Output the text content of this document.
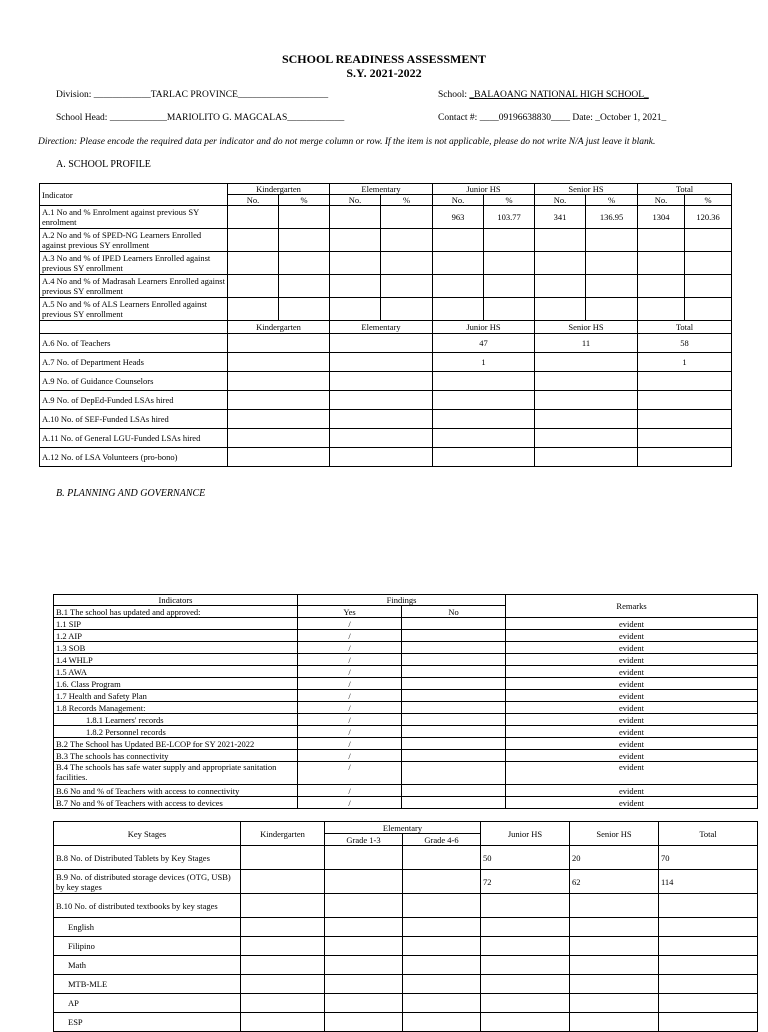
SCHOOL READINESS ASSESSMENT
S.Y. 2021-2022
Division: ____________TARLAC PROVINCE___________________	School: _BALAOANG NATIONAL HIGH SCHOOL_
School Head: ____________MARIOLITO G. MAGCALAS____________	Contact #: ____09196638830____ Date: _October 1, 2021_
Direction: Please encode the required data per indicator and do not merge column or row. If the item is not applicable, please do not write N/A just leave it blank.
A. SCHOOL PROFILE
Indicator	Kindergarten		Elementary		Junior HS		Senior HS		Total	
	No.	%	No.	%	No.	%	No.	%	No.	%
A.1 No and % Enrolment against previous SY enrolment					963	103.77	341	136.95	1304	120.36
A.2 No and % of SPED-NG Learners Enrolled against previous SY enrollment										
A.3 No and % of IPED Learners Enrolled against previous SY enrollment										
A.4 No and % of Madrasah Learners Enrolled against previous SY enrollment										
A.5 No and % of ALS Learners Enrolled against previous SY enrollment										
	Kindergarten		Elementary		Junior HS		Senior HS		Total	
A.6 No. of Teachers					47		11		58	
A.7 No. of Department Heads					1				1	
A.9 No. of Guidance Counselors										
A.9 No. of DepEd-Funded LSAs hired										
A.10 No. of SEF-Funded LSAs hired										
A.11 No. of General LGU-Funded LSAs hired										
A.12 No. of LSA Volunteers (pro-bono)										
B. PLANNING AND GOVERNANCE
Indicators	Findings		Remarks
B.1 The school has updated and approved:	Yes	No	
1.1 SIP	/		evident
1.2 AIP	/		evident
1.3 SOB	/		evident
1.4 WHLP	/		evident
1.5 AWA	/		evident
1.6. Class Program	/		evident
1.7 Health and Safety Plan	/		evident
1.8 Records Management:	/		evident
1.8.1 Learners' records	/		evident
1.8.2 Personnel records	/		evident
B.2 The School has Updated BE-LCOP for SY 2021-2022	/		evident
B.3 The schools has connectivity	/		evident
B.4 The schools has safe water supply and appropriate sanitation facilities.	/		evident
B.6 No and % of Teachers with access to connectivity	/		evident
B.7 No and % of Teachers with access to devices	/		evident
Key Stages	Kindergarten	Elementary		Junior HS	Senior HS	Total
		Grade 1-3	Grade 4-6			
B.8 No. of Distributed Tablets by Key Stages				50	20	70
B.9 No. of distributed storage devices (OTG, USB) by key stages				72	62	114
B.10 No. of distributed textbooks by key stages						
English						
Filipino						
Math						
MTB-MLE						
AP						
ESP						
